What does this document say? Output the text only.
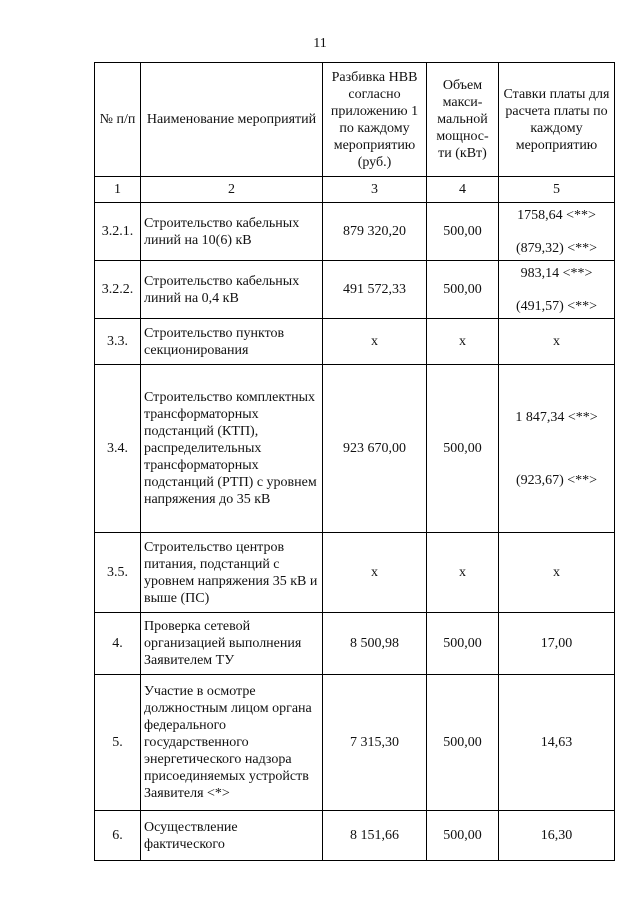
11
№ п/п	Наименование мероприятий	Разбивка НВВ согласно приложению 1 по каждому мероприятию (руб.)	Объем макси-мальной мощнос-ти (кВт)	Ставки платы для расчета платы по каждому мероприятию
1	2	3	4	5
3.2.1.	Строительство кабельных линий на 10(6) кВ	879 320,20	500,00	1758,64 <**>
(879,32) <**>

3.2.2.	Строительство кабельных линий на 0,4 кВ	491 572,33	500,00	983,14 <**>
(491,57) <**>

3.3.	Строительство пунктов секционирования	х	х	х
3.4.	Строительство комплектных трансформаторных подстанций (КТП), распределительных трансформаторных подстанций (РТП) с уровнем напряжения до 35 кВ	923 670,00	500,00	1 847,34 <**>
(923,67) <**>

3.5.	Строительство центров питания, подстанций с уровнем напряжения 35 кВ и выше (ПС)	х	х	х
4.	Проверка сетевой организацией выполнения Заявителем ТУ	8 500,98	500,00	17,00
5.	Участие в осмотре должностным лицом органа федерального государственного энергетического надзора присоединяемых устройств Заявителя <*>	7 315,30	500,00	14,63
6.	Осуществление фактического	8 151,66	500,00	16,30
